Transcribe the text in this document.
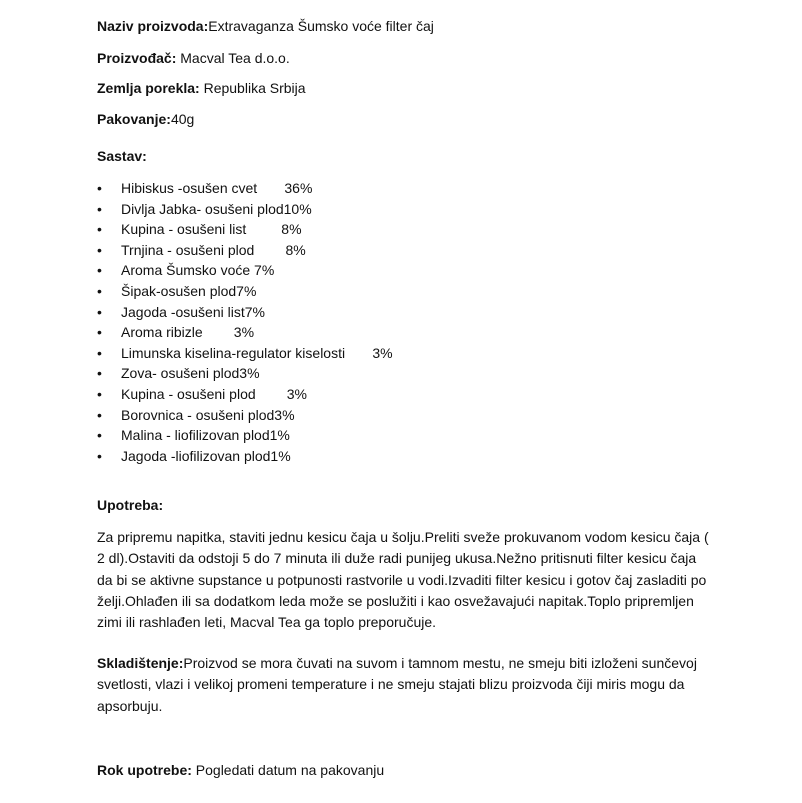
Naziv proizvoda:Extravaganza Šumsko voće filter čaj
Proizvođač: Macval Tea d.o.o.
Zemlja porekla: Republika Srbija
Pakovanje:40g
Sastav:
• Hibiskus -osušen cvet       36%
• Divlja Jabka- osušeni plod10%
• Kupina - osušeni list         8%
• Trnjina - osušeni plod        8%
• Aroma Šumsko voće 7%
• Šipak-osušen plod7%
• Jagoda -osušeni list7%
• Aroma ribizle        3%
• Limunska kiselina-regulator kiselosti       3%
• Zova- osušeni plod3%
• Kupina - osušeni plod        3%
• Borovnica - osušeni plod3%
• Malina - liofilizovan plod1%
• Jagoda -liofilizovan plod1%
Upotreba:
Za pripremu napitka, staviti jednu kesicu čaja u šolju.Preliti sveže prokuvanom vodom kesicu čaja ( 2 dl).Ostaviti da odstoji 5 do 7 minuta ili duže radi punijeg ukusa.Nežno pritisnuti filter kesicu čaja da bi se aktivne supstance u potpunosti rastvorile u vodi.Izvaditi filter kesicu i gotov čaj zasladiti po želji.Ohlađen ili sa dodatkom leda može se poslužiti i kao osvežavajući napitak.Toplo pripremljen zimi ili rashlađen leti, Macval Tea ga toplo preporučuje.
Skladištenje:Proizvod se mora čuvati na suvom i tamnom mestu, ne smeju biti izloženi sunčevoj svetlosti, vlazi i velikoj promeni temperature i ne smeju stajati blizu proizvoda čiji miris mogu da apsorbuju.
Rok upotrebe: Pogledati datum na pakovanju
